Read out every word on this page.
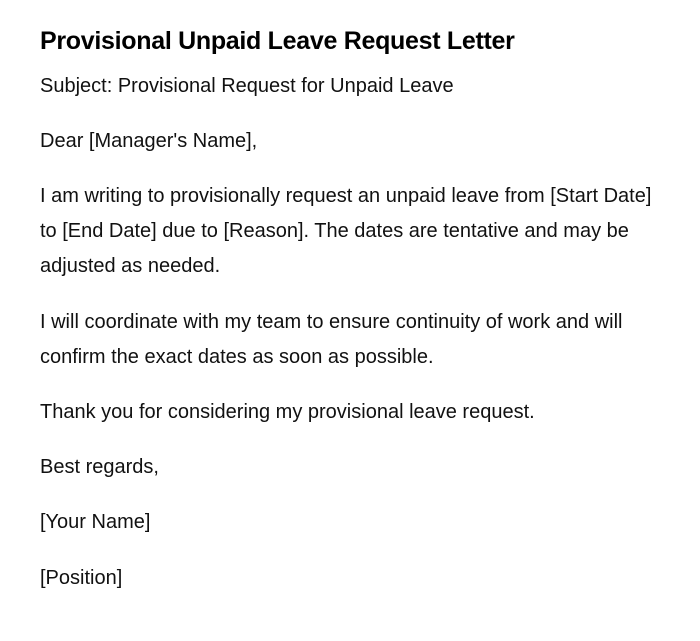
Provisional Unpaid Leave Request Letter

Subject: Provisional Request for Unpaid Leave

Dear [Manager's Name],

I am writing to provisionally request an unpaid leave from [Start Date] to [End Date] due to [Reason]. The dates are tentative and may be adjusted as needed.

I will coordinate with my team to ensure continuity of work and will confirm the exact dates as soon as possible.

Thank you for considering my provisional leave request.

Best regards,

[Your Name]

[Position]
